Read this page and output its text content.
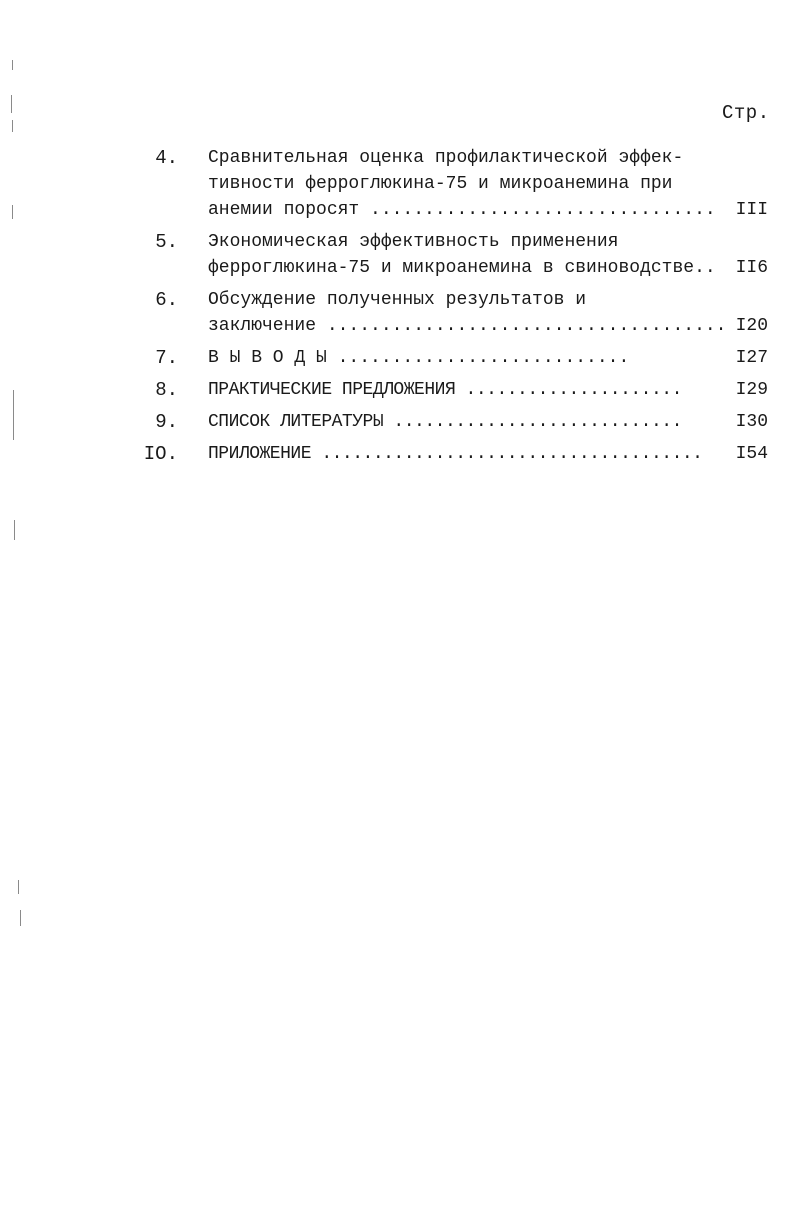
Стр.
4. Сравнительная оценка профилактической эффек-
тивности ферроглюкина-75 и микроанемина при
анемии поросят ................................ III
5. Экономическая эффективность применения
ферроглюкина-75 и микроанемина в свиноводстве.. II6
6. Обсуждение полученных результатов и
заключение ..................................... I20
7. В Ы В О Д Ы ...........................	I27
8. ПРАКТИЧЕСКИЕ ПРЕДЛОЖЕНИЯ .....................	I29
9. СПИСОК ЛИТЕРАТУРЫ ............................	I30
IO. ПРИЛОЖЕНИЕ .....................................	I54
